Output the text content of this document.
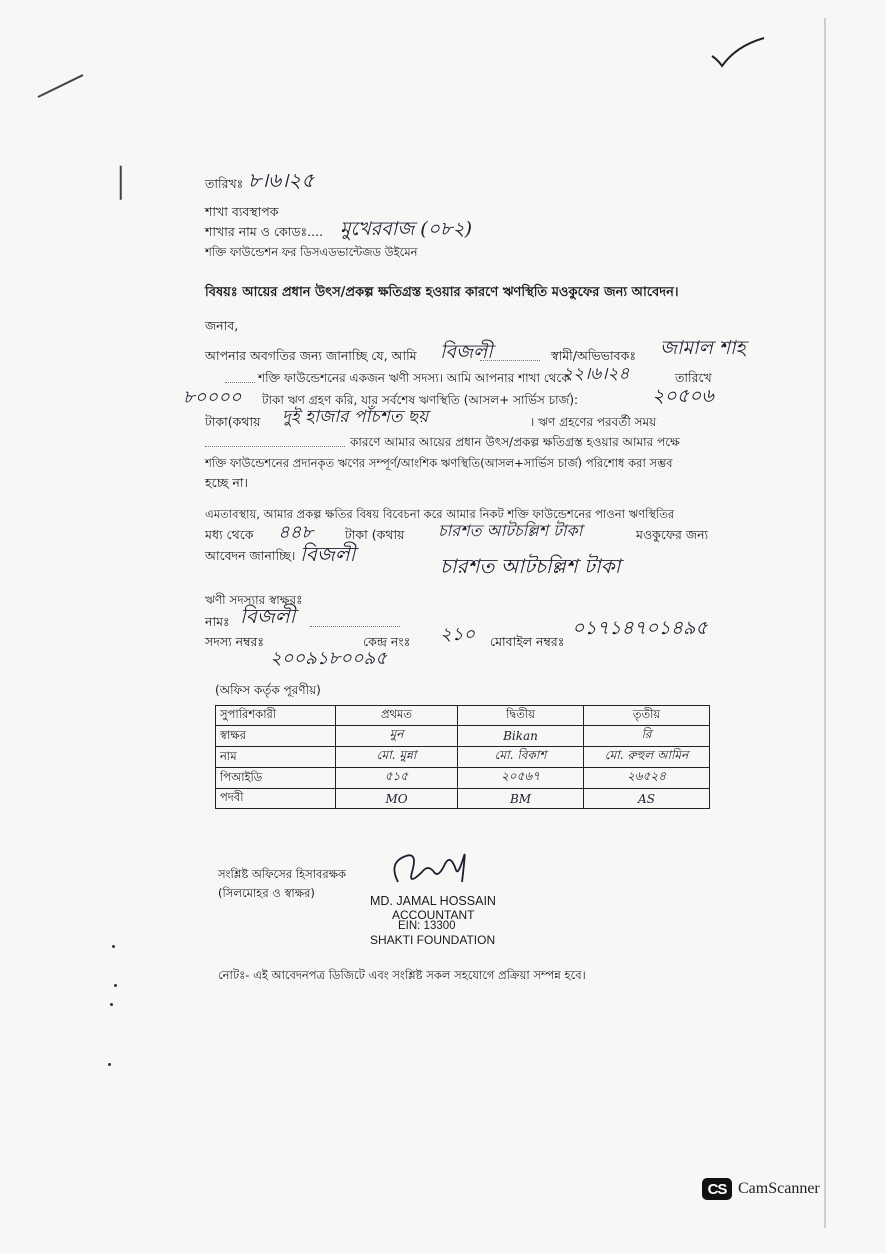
তারিখঃ ৮।৬।২৫
শাখা ব্যবস্থাপক
শাখার নাম ও কোডঃ.... মুখেরবাজ (০৮২)
শক্তি ফাউন্ডেশন ফর ডিসএডভান্টেজড উইমেন
বিষয়ঃ আয়ের প্রধান উৎস/প্রকল্প ক্ষতিগ্রস্ত হওয়ার কারণে ঋণস্থিতি মওকুফের জন্য আবেদন।
জনাব,
আপনার অবগতির জন্য জানাচ্ছি যে, আমি বিজলী	স্বামী/অভিভাবকঃ জামাল শাহ
শক্তি ফাউন্ডেশনের একজন ঋণী সদস্য। আমি আপনার শাখা থেকে
২২।৬।২৪	তারিখে
৮০০০০ টাকা ঋণ গ্রহণ করি, যার সর্বশেষ ঋণস্থিতি (আসল+ সার্ভিস চার্জ):	২০৫০৬
টাকা(কথায় দুই হাজার পাঁচশত ছয়	। ঋণ গ্রহণের পরবর্তী সময়
কারণে আমার আয়ের প্রধান উৎস/প্রকল্প ক্ষতিগ্রস্ত হওয়ার আমার পক্ষে
শক্তি ফাউন্ডেশনের প্রদানকৃত ঋণের সম্পূর্ণ/আংশিক ঋণস্থিতি(আসল+সার্ভিস চার্জ) পরিশোধ করা সম্ভব
হচ্ছে না।
এমতাবস্থায়, আমার প্রকল্প ক্ষতির বিষয় বিবেচনা করে আমার নিকট শক্তি ফাউন্ডেশনের পাওনা ঋণস্থিতির
মধ্য থেকে ৪৪৮	টাকা (কথায় চারশত আটচল্লিশ টাকা	মওকুফের জন্য
আবেদন জানাচ্ছি। বিজলী	চারশত আটচল্লিশ টাকা
ঋণী সদস্যার স্বাক্ষরঃ
নামঃ বিজলী
সদস্য নম্বরঃ
২০০৯১৮০০৯৫
কেন্দ্র নংঃ ২১০ মোবাইল নম্বরঃ
০১৭১৪৭০১৪৯৫
(অফিস কর্তৃক পূরণীয়)
সুপারিশকারী	প্রথমত	দ্বিতীয়	তৃতীয়
স্বাক্ষর	মুন	Bikan	রি
নাম	মো. মুন্না	মো. বিকাশ	মো. রুহুল আমিন
পিআইডি	৫১৫	২০৫৬৭	২৬৫২৪
পদবী	MO	BM	AS
সংশ্লিষ্ট অফিসের হিসাবরক্ষক
(সিলমোহর ও স্বাক্ষর)
MD. JAMAL HOSSAIN
ACCOUNTANT
EIN: 13300
SHAKTI FOUNDATION
নোটঃ- এই আবেদনপত্র ডিজিটে এবং সংশ্লিষ্ট সকল সহযোগে প্রক্রিয়া সম্পন্ন হবে।
CS CamScanner
